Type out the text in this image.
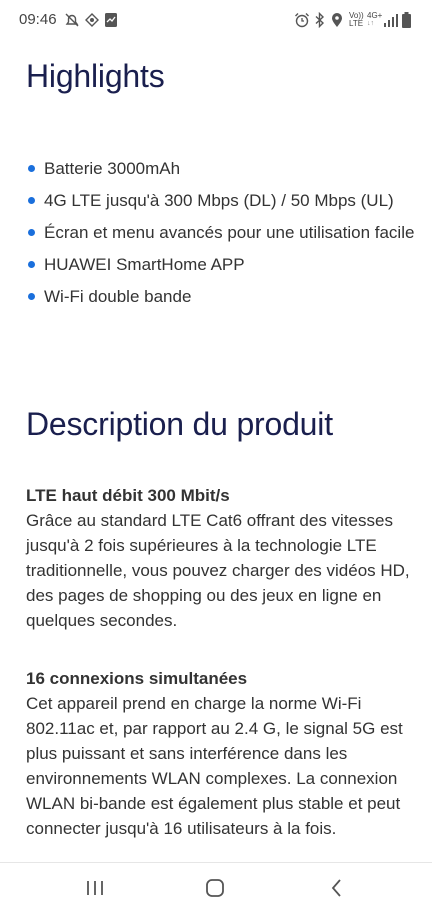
09:46	Vo))
LTE
4G+
↓↑
Highlights
Batterie 3000mAh
4G LTE jusqu'à 300 Mbps (DL) / 50 Mbps (UL)
Écran et menu avancés pour une utilisation facile
HUAWEI SmartHome APP
Wi-Fi double bande
Description du produit
LTE haut débit 300 Mbit/s
Grâce au standard LTE Cat6 offrant des vitesses jusqu'à 2 fois supérieures à la technologie LTE traditionnelle, vous pouvez charger des vidéos HD, des pages de shopping ou des jeux en ligne en quelques secondes.
16 connexions simultanées
Cet appareil prend en charge la norme Wi-Fi 802.11ac et, par rapport au 2.4 G, le signal 5G est plus puissant et sans interférence dans les environnements WLAN complexes. La connexion WLAN bi-bande est également plus stable et peut connecter jusqu'à 16 utilisateurs à la fois.
